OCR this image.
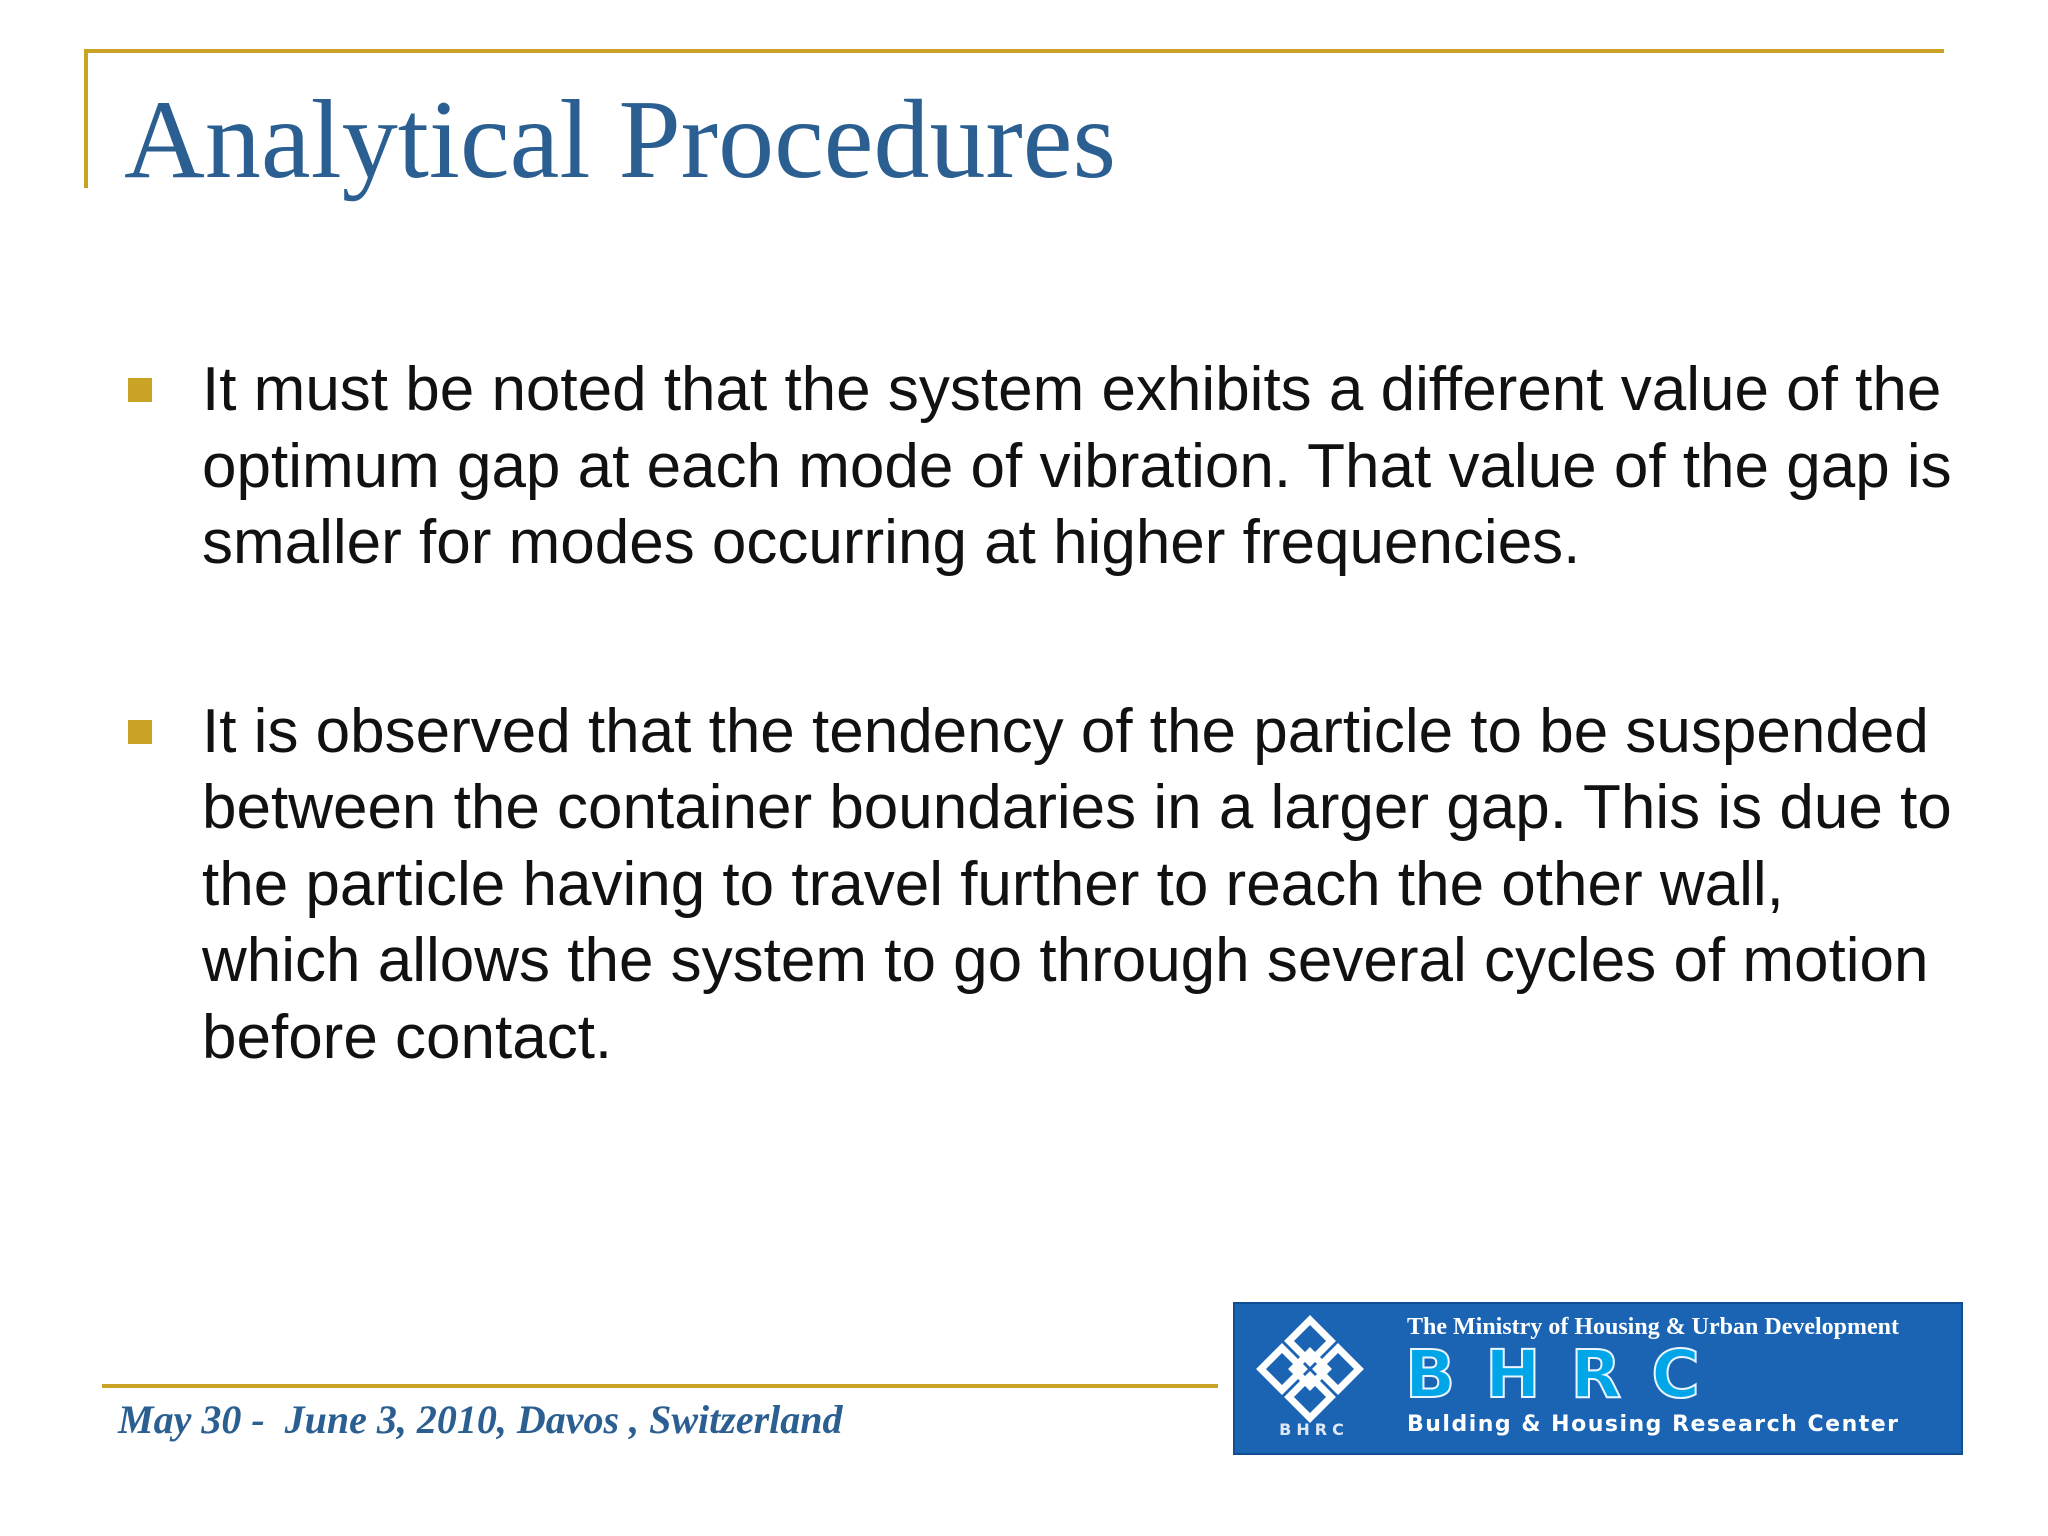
Analytical Procedures
It must be noted that the system exhibits a different value of the optimum gap at each mode of vibration. That value of the gap is smaller for modes occurring at higher frequencies.
It is observed that the tendency of the particle to be suspended between the container boundaries in a larger gap. This is due to the particle having to travel further to reach the other wall, which allows the system to go through several cycles of motion before contact.
May 30 -  June 3, 2010, Davos , Switzerland	BHRC
The Ministry of Housing & Urban Development
BHRC
Bulding & Housing Research Center
